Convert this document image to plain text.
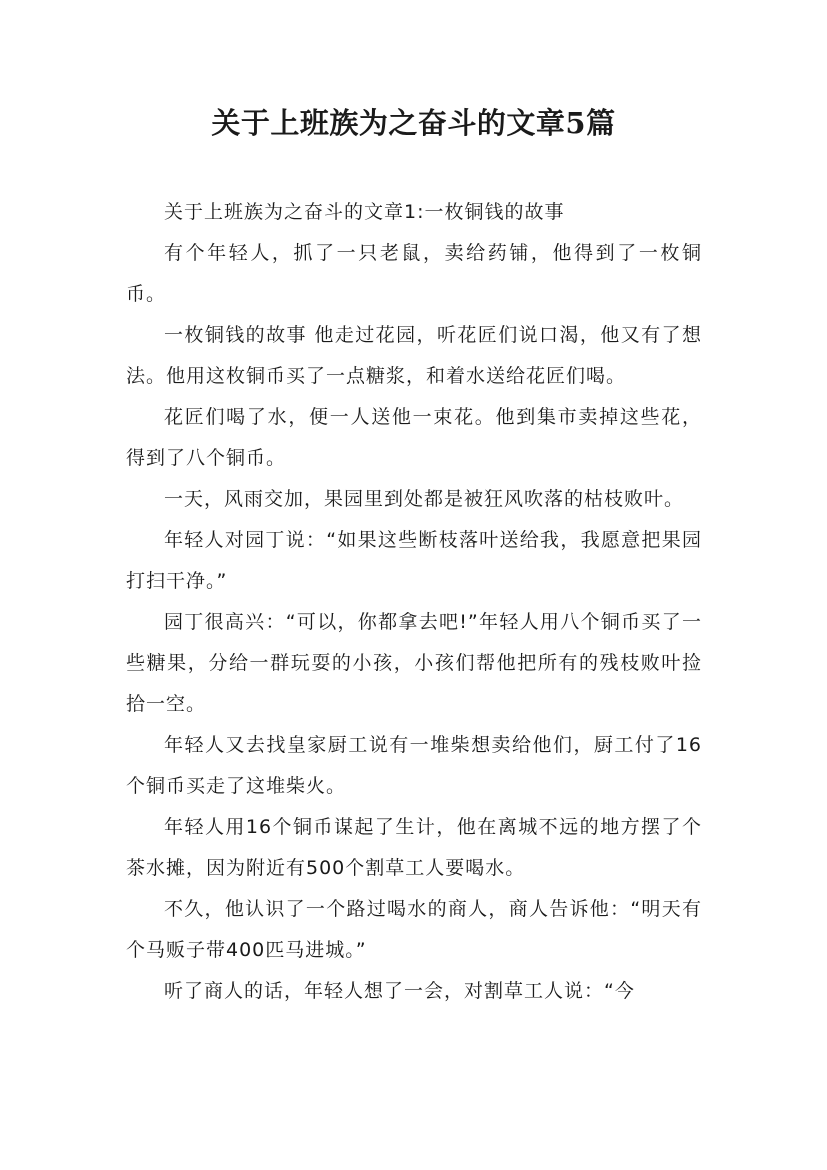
关于上班族为之奋斗的文章5篇

关于上班族为之奋斗的文章1:一枚铜钱的故事

有个年轻人，抓了一只老鼠，卖给药铺，他得到了一枚铜币。

一枚铜钱的故事 他走过花园，听花匠们说口渴，他又有了想法。他用这枚铜币买了一点糖浆，和着水送给花匠们喝。

花匠们喝了水，便一人送他一束花。他到集市卖掉这些花，得到了八个铜币。

一天，风雨交加，果园里到处都是被狂风吹落的枯枝败叶。

年轻人对园丁说：“如果这些断枝落叶送给我，我愿意把果园打扫干净。”

园丁很高兴：“可以，你都拿去吧!”年轻人用八个铜币买了一些糖果，分给一群玩耍的小孩，小孩们帮他把所有的残枝败叶捡拾一空。

年轻人又去找皇家厨工说有一堆柴想卖给他们，厨工付了16个铜币买走了这堆柴火。

年轻人用16个铜币谋起了生计，他在离城不远的地方摆了个茶水摊，因为附近有500个割草工人要喝水。

不久，他认识了一个路过喝水的商人，商人告诉他：“明天有个马贩子带400匹马进城。”

听了商人的话，年轻人想了一会，对割草工人说：“今
